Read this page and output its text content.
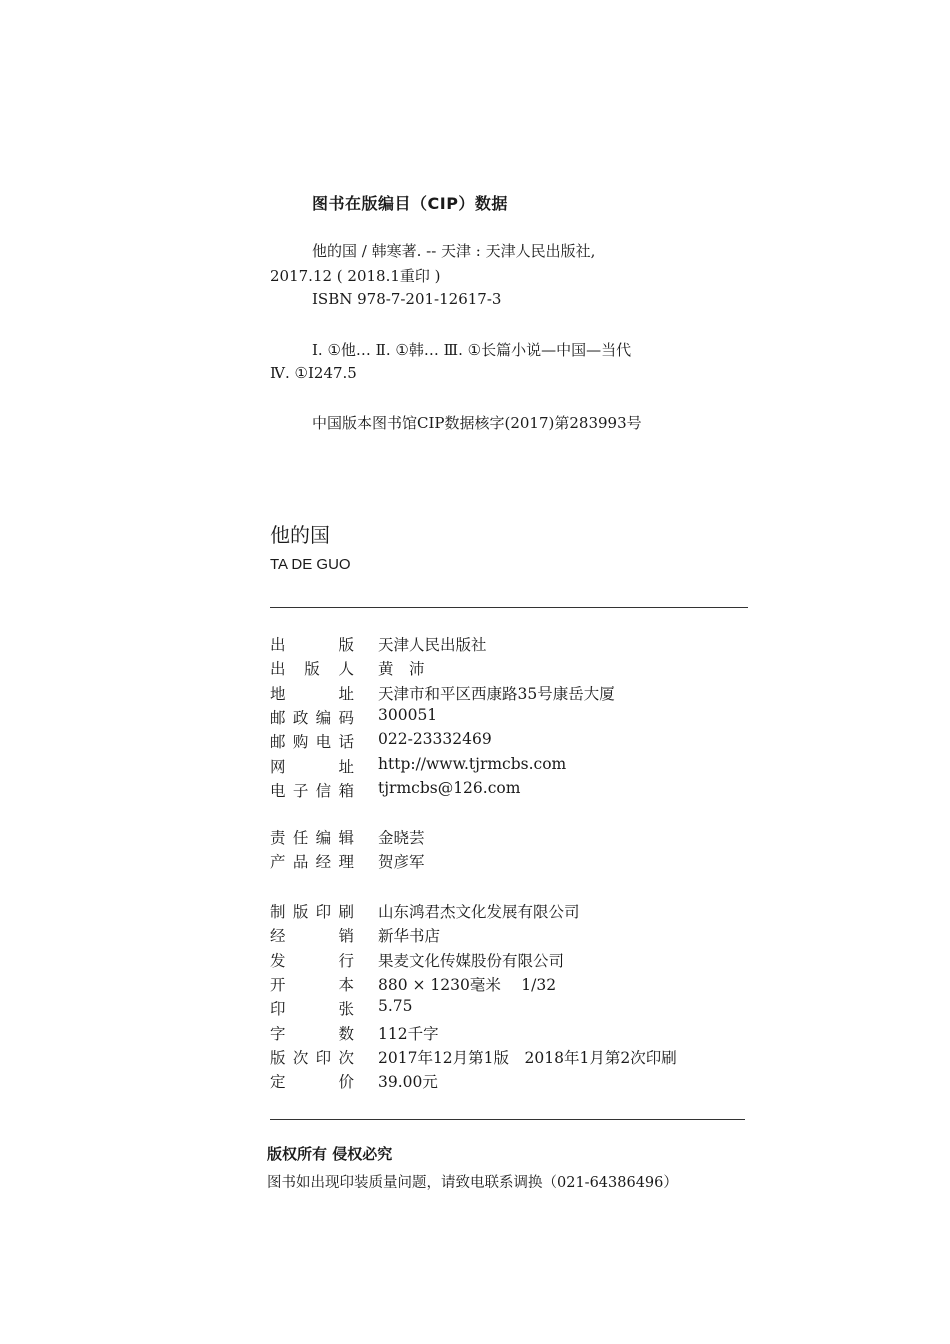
图书在版编目（CIP）数据
他的国 / 韩寒著. -- 天津 : 天津人民出版社,
2017.12 ( 2018.1重印 )
ISBN 978-7-201-12617-3
Ⅰ. ①他… Ⅱ. ①韩… Ⅲ. ①长篇小说—中国—当代
Ⅳ. ①I247.5
中国版本图书馆CIP数据核字(2017)第283993号
他的国
TA DE GUO
出	版 天津人民出版社
出 版 人 黄　沛
地	址 天津市和平区西康路35号康岳大厦
邮 政 编 码 300051
邮 购 电 话 022-23332469
网	址 http://www.tjrmcbs.com
电 子 信 箱 tjrmcbs@126.com
责 任 编 辑 金晓芸
产 品 经 理 贺彦军
制 版 印 刷 山东鸿君杰文化发展有限公司
经	销 新华书店
发	行 果麦文化传媒股份有限公司
开	本 880 × 1230毫米　 1/32
印	张 5.75
字	数 112千字
版 次 印 次 2017年12月第1版　2018年1月第2次印刷
定	价 39.00元
版权所有 侵权必究
图书如出现印装质量问题，请致电联系调换（021-64386496）
